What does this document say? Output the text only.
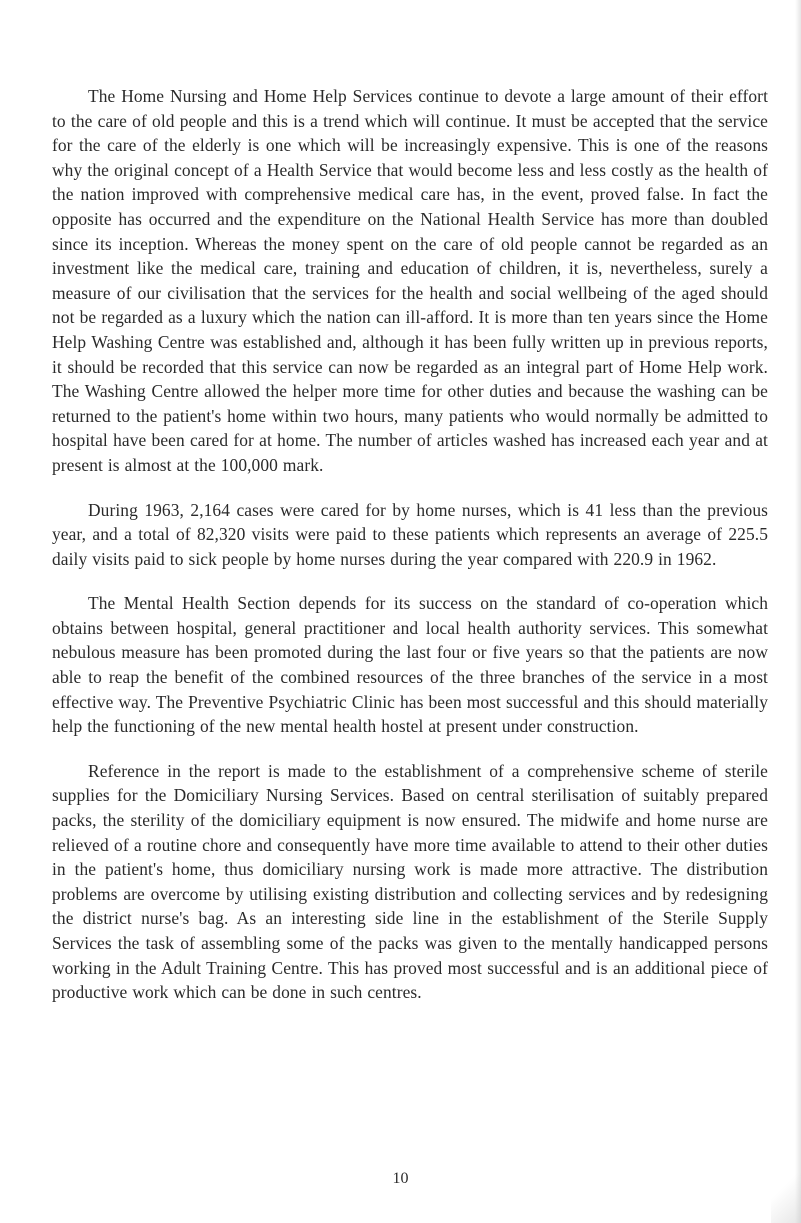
The Home Nursing and Home Help Services continue to devote a large amount of their effort to the care of old people and this is a trend which will continue. It must be accepted that the service for the care of the elderly is one which will be increasingly expensive. This is one of the reasons why the original concept of a Health Service that would become less and less costly as the health of the nation improved with comprehensive medical care has, in the event, proved false. In fact the opposite has occurred and the expenditure on the National Health Service has more than doubled since its inception. Whereas the money spent on the care of old people cannot be regarded as an investment like the medical care, training and education of children, it is, nevertheless, surely a measure of our civilisation that the services for the health and social wellbeing of the aged should not be regarded as a luxury which the nation can ill-afford. It is more than ten years since the Home Help Washing Centre was established and, although it has been fully written up in previous reports, it should be recorded that this service can now be regarded as an integral part of Home Help work. The Washing Centre allowed the helper more time for other duties and because the washing can be returned to the patient's home within two hours, many patients who would normally be admitted to hospital have been cared for at home. The number of articles washed has increased each year and at present is almost at the 100,000 mark.

During 1963, 2,164 cases were cared for by home nurses, which is 41 less than the previous year, and a total of 82,320 visits were paid to these patients which represents an average of 225.5 daily visits paid to sick people by home nurses during the year compared with 220.9 in 1962.

The Mental Health Section depends for its success on the standard of co-operation which obtains between hospital, general practitioner and local health authority services. This somewhat nebulous measure has been promoted during the last four or five years so that the patients are now able to reap the benefit of the combined resources of the three branches of the service in a most effective way. The Preventive Psychiatric Clinic has been most successful and this should materially help the functioning of the new mental health hostel at present under construction.

Reference in the report is made to the establishment of a comprehensive scheme of sterile supplies for the Domiciliary Nursing Services. Based on central sterilisation of suitably prepared packs, the sterility of the domiciliary equipment is now ensured. The midwife and home nurse are relieved of a routine chore and consequently have more time available to attend to their other duties in the patient's home, thus domiciliary nursing work is made more attractive. The distribution problems are overcome by utilising existing distribution and collecting services and by redesigning the district nurse's bag. As an interesting side line in the establishment of the Sterile Supply Services the task of assembling some of the packs was given to the mentally handicapped persons working in the Adult Training Centre. This has proved most successful and is an additional piece of productive work which can be done in such centres.

10
